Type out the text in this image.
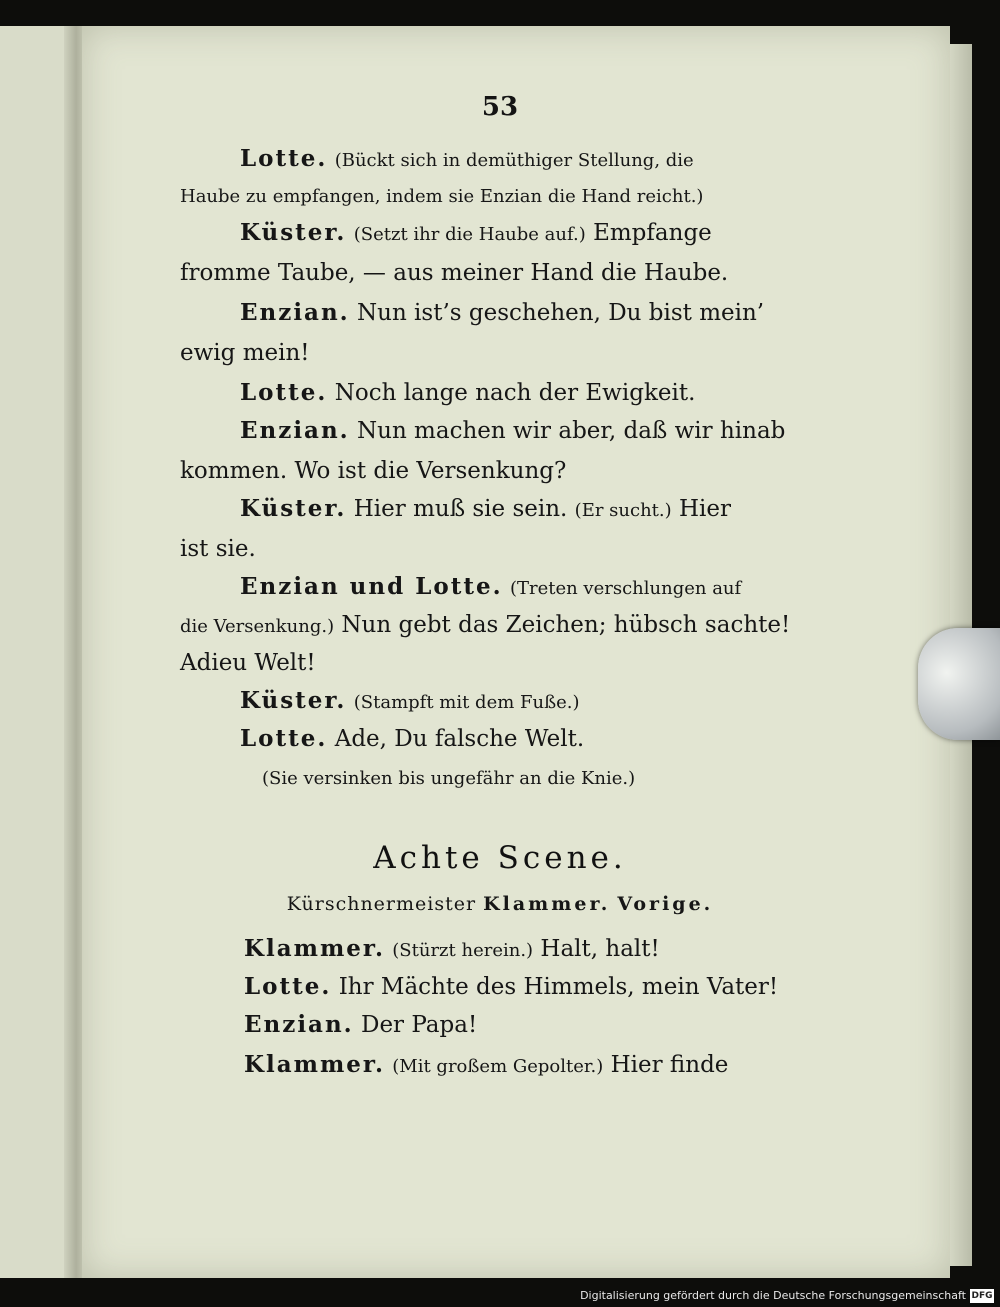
53
Lotte. (Bückt sich in demüthiger Stellung, die
Haube zu empfangen, indem sie Enzian die Hand reicht.)
Küster. (Setzt ihr die Haube auf.) Empfange
fromme Taube, — aus meiner Hand die Haube.
Enzian. Nun ist’s geschehen, Du bist mein’
ewig mein!
Lotte. Noch lange nach der Ewigkeit.
Enzian. Nun machen wir aber, daß wir hinab
kommen. Wo ist die Versenkung?
Küster. Hier muß sie sein. (Er sucht.) Hier
ist sie.
Enzian und Lotte. (Treten verschlungen auf
die Versenkung.) Nun gebt das Zeichen; hübsch sachte!
Adieu Welt!
Küster. (Stampft mit dem Fuße.)
Lotte. Ade, Du falsche Welt.
(Sie versinken bis ungefähr an die Knie.)
Achte Scene.
Kürschnermeister Klammer. Vorige.
Klammer. (Stürzt herein.) Halt, halt!
Lotte. Ihr Mächte des Himmels, mein Vater!
Enzian. Der Papa!
Klammer. (Mit großem Gepolter.) Hier finde
Digitalisierung gefördert durch die Deutsche Forschungsgemeinschaft DFG
